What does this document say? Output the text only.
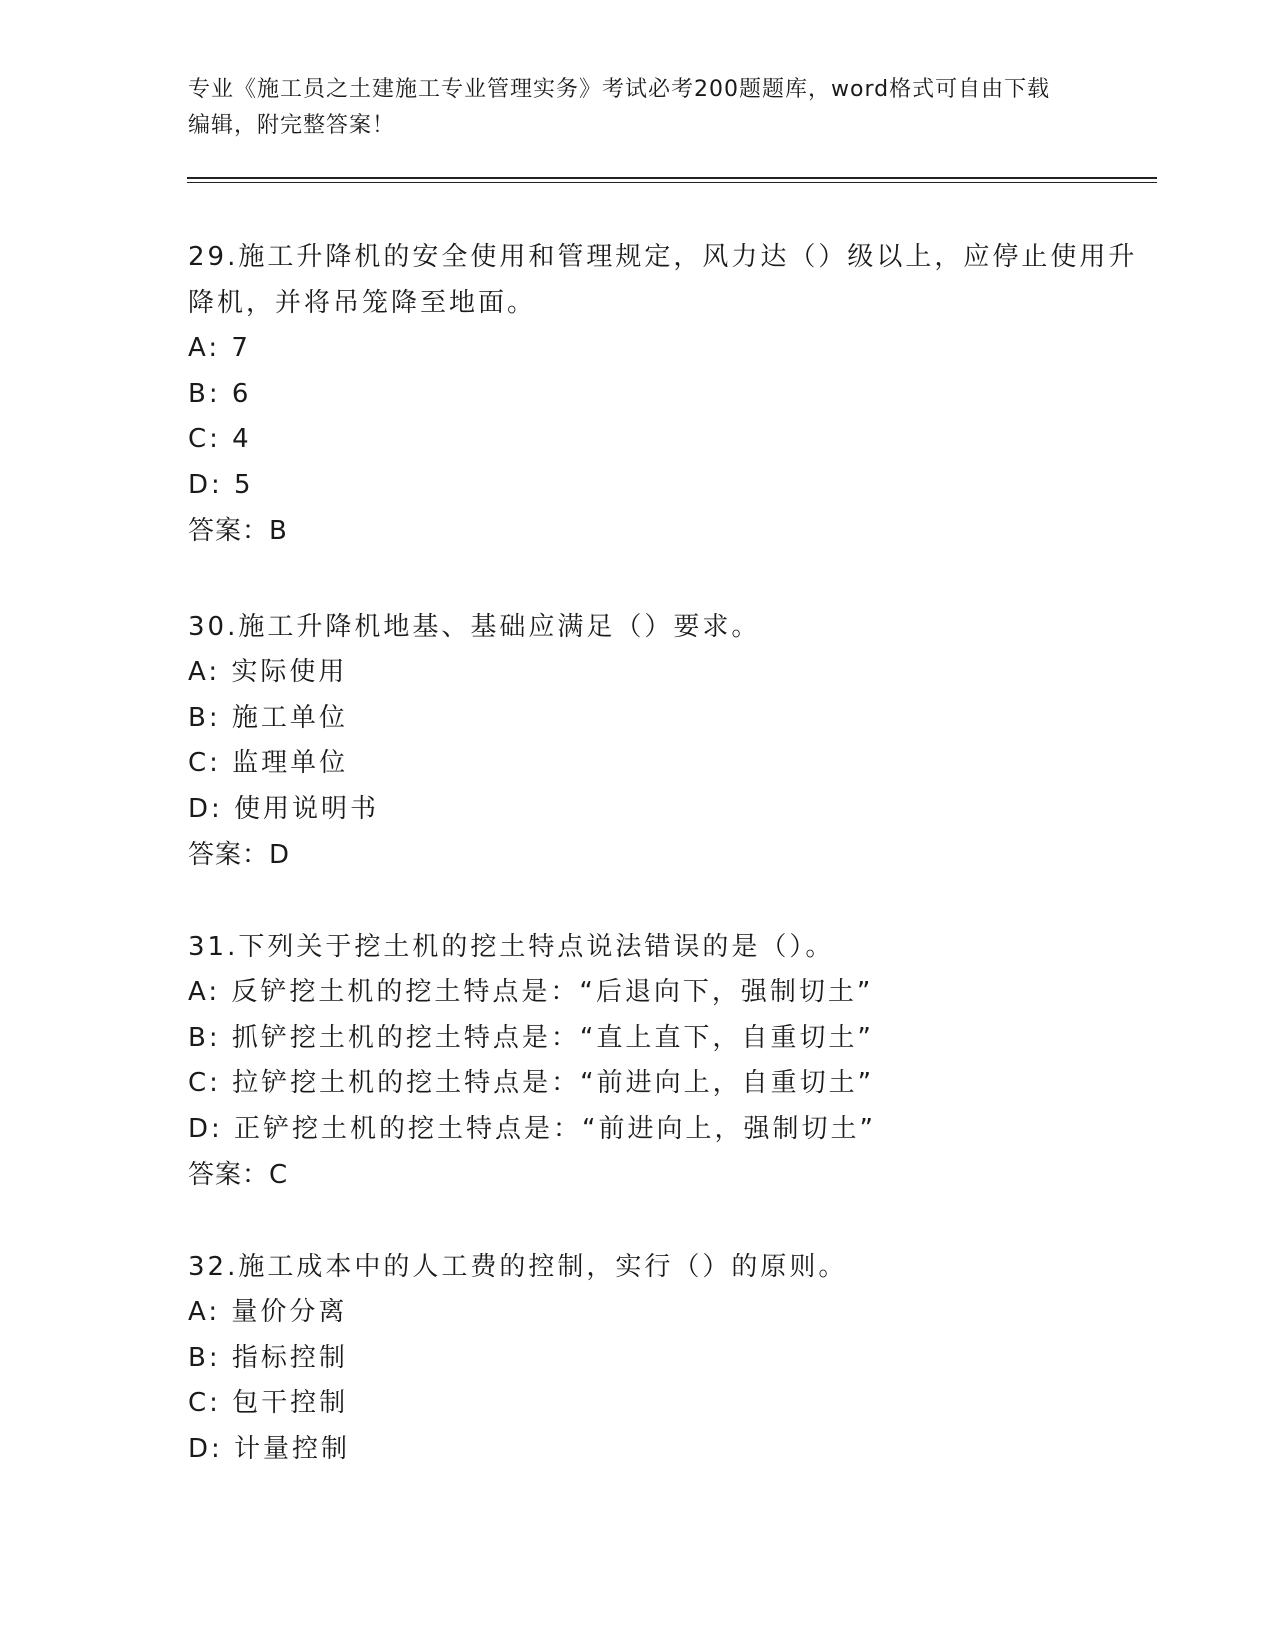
专业《施工员之土建施工专业管理实务》考试必考200题题库，word格式可自由下载编辑，附完整答案！

29.施工升降机的安全使用和管理规定，风力达（）级以上，应停止使用升降机，并将吊笼降至地面。

A: 7

B: 6

C: 4

D: 5

答案：B

30.施工升降机地基、基础应满足（）要求。

A: 实际使用

B: 施工单位

C: 监理单位

D: 使用说明书

答案：D

31.下列关于挖土机的挖土特点说法错误的是（）。

A: 反铲挖土机的挖土特点是：“后退向下，强制切土”

B: 抓铲挖土机的挖土特点是：“直上直下，自重切土”

C: 拉铲挖土机的挖土特点是：“前进向上，自重切土”

D: 正铲挖土机的挖土特点是：“前进向上，强制切土”

答案：C

32.施工成本中的人工费的控制，实行（）的原则。

A: 量价分离

B: 指标控制

C: 包干控制

D: 计量控制
